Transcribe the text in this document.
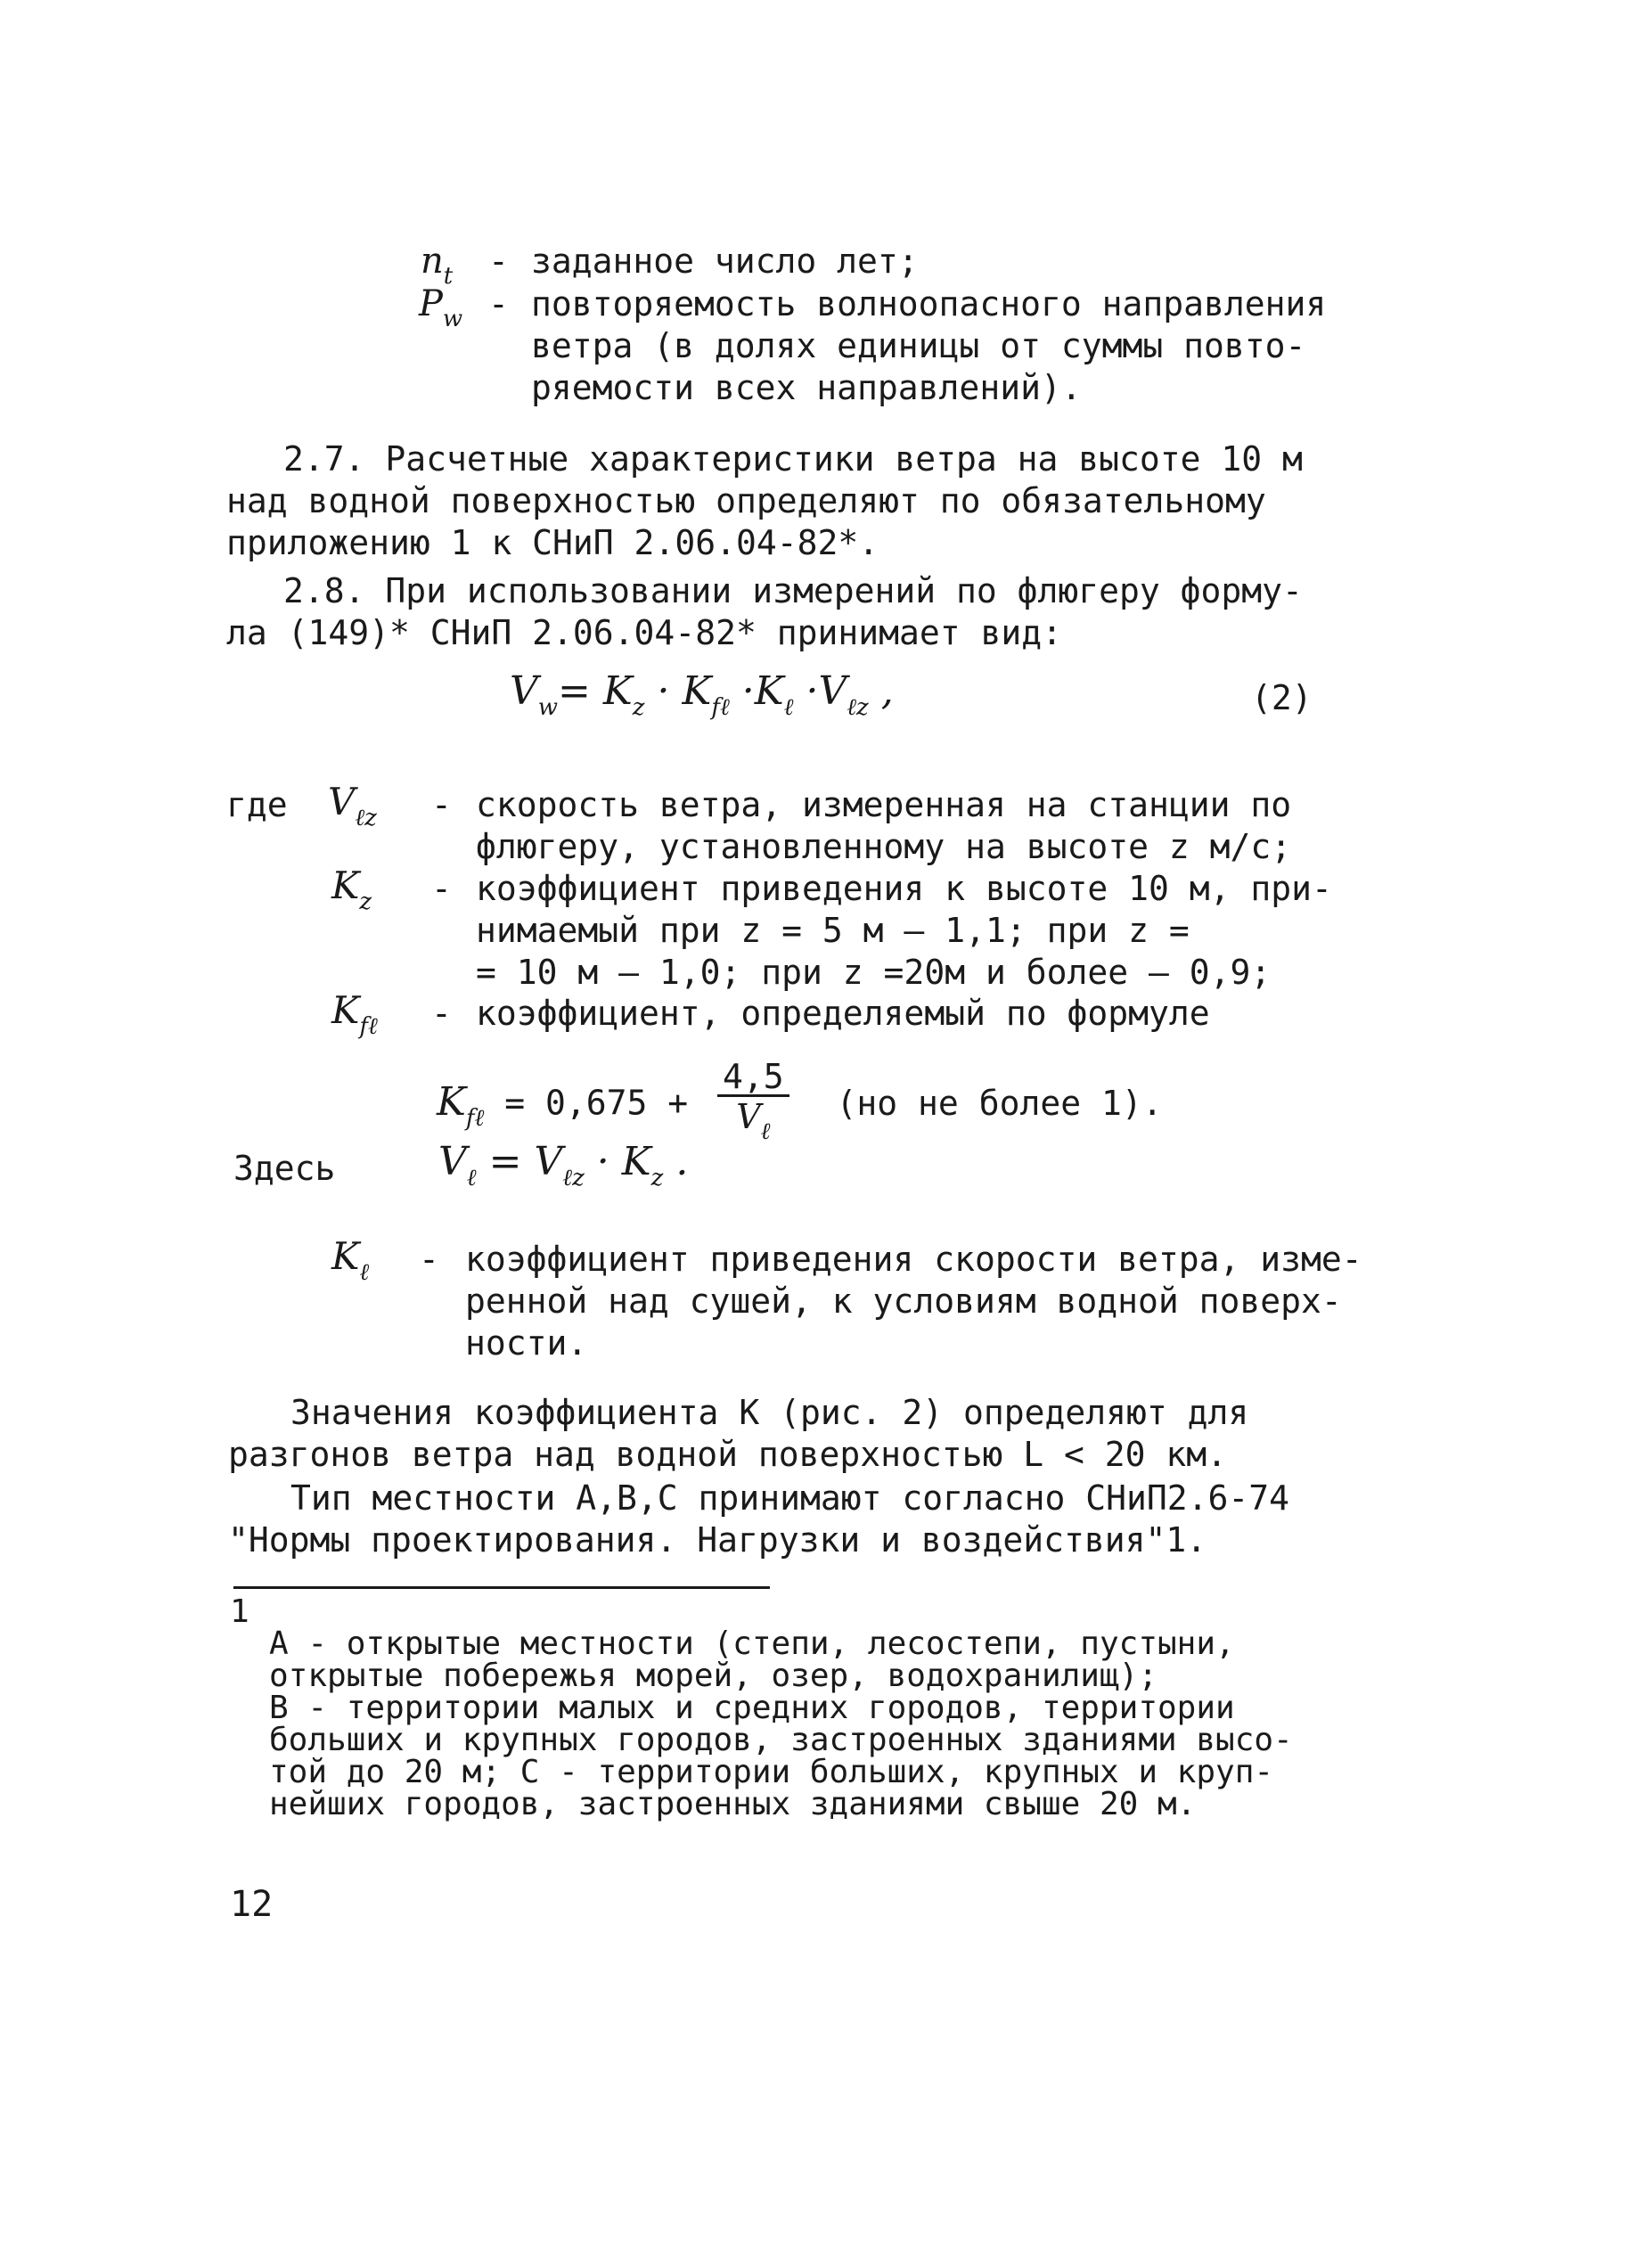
$n_t$ - заданное число лет;
$P_w$ - повторяемость волноопасного направления
ветра (в долях единицы от суммы повто-
ряемости всех направлений).
2.7. Расчетные характеристики ветра на высоте 10 м
над водной поверхностью определяют по обязательному
приложению 1 к СНиП 2.06.04-82*.
2.8. При использовании измерений по флюгеру форму-
ла (149)* СНиП 2.06.04-82* принимает вид:
$V_w= K_z \cdot K_{f\ell} \cdot K_\ell \cdot V_{\ell z}$ ,	(2)
где $V_{\ell z}$ - скорость ветра, измеренная на станции по
флюгеру, установленному на высоте z м/с;
$K_z$ - коэффициент приведения к высоте 10 м, при-
нимаемый при z = 5 м — 1,1; при z =
= 10 м — 1,0; при z =20м и более — 0,9;
$K_{f\ell}$ - коэффициент, определяемый по формуле
$K_{f\ell} = 0,675 + \frac{4,5}{V_\ell} (но$ не более 1).
Здесь	$V_\ell = V_{\ell z} \cdot K_z$ .
$K_\ell$ - коэффициент приведения скорости ветра, изме-
ренной над сушей, к условиям водной поверх-
ности.
Значения коэффициента K (рис. 2) определяют для
разгонов ветра над водной поверхностью L < 20 км.
Тип местности А,В,С принимают согласно СНиП2.6-74
"Нормы проектирования. Нагрузки и воздействия"1.
1
А - открытые местности (степи, лесостепи, пустыни,
открытые побережья морей, озер, водохранилищ);
В - территории малых и средних городов, территории
больших и крупных городов, застроенных зданиями высо-
той до 20 м; С - территории больших, крупных и круп-
нейших городов, застроенных зданиями свыше 20 м.
12
